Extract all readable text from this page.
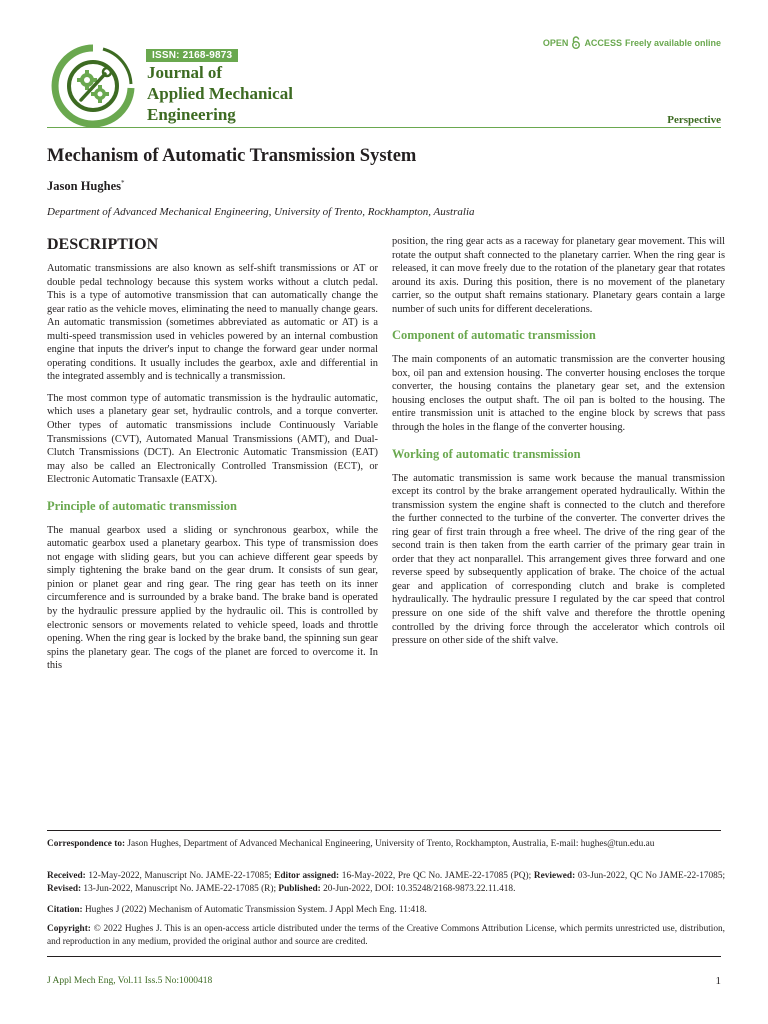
ISSN: 2168-9873
Journal of
Applied Mechanical
Engineering
OPEN ACCESS Freely available online
Perspective
Mechanism of Automatic Transmission System
Jason Hughes*
Department of Advanced Mechanical Engineering, University of Trento, Rockhampton, Australia
DESCRIPTION

Automatic transmissions are also known as self-shift transmissions or AT or double pedal technology because this system works without a clutch pedal. This is a type of automotive transmission that can automatically change the gear ratio as the vehicle moves, eliminating the need to manually change gears. An automatic transmission (sometimes abbreviated as automatic or AT) is a multi-speed transmission used in vehicles powered by an internal combustion engine that inputs the driver's input to change the forward gear under normal operating conditions. It usually includes the gearbox, axle and differential in the integrated assembly and is technically a transmission.

The most common type of automatic transmission is the hydraulic automatic, which uses a planetary gear set, hydraulic controls, and a torque converter. Other types of automatic transmissions include Continuously Variable Transmissions (CVT), Automated Manual Transmissions (AMT), and Dual-Clutch Transmissions (DCT). An Electronic Automatic Transmission (EAT) may also be called an Electronically Controlled Transmission (ECT), or Electronic Automatic Transaxle (EATX).

Principle of automatic transmission

The manual gearbox used a sliding or synchronous gearbox, while the automatic gearbox used a planetary gearbox. This type of transmission does not engage with sliding gears, but you can achieve different gear speeds by simply tightening the brake band on the gear drum. It consists of sun gear, pinion or planet gear and ring gear. The ring gear has teeth on its inner circumference and is surrounded by a brake band. The brake band is operated by the hydraulic pressure applied by the hydraulic oil. This is controlled by electronic sensors or movements related to vehicle speed, loads and throttle opening. When the ring gear is locked by the brake band, the spinning sun gear spins the planetary gear. The cogs of the planet are forced to overcome it. In this

position, the ring gear acts as a raceway for planetary gear movement. This will rotate the output shaft connected to the planetary carrier. When the ring gear is released, it can move freely due to the rotation of the planetary gear that rotates around its axis. During this position, there is no movement of the planetary carrier, so the output shaft remains stationary. Planetary gears contain a large number of such units for different decelerations.

Component of automatic transmission

The main components of an automatic transmission are the converter housing box, oil pan and extension housing. The converter housing encloses the torque converter, the housing contains the planetary gear set, and the extension housing encloses the output shaft. The oil pan is bolted to the housing. The entire transmission unit is attached to the engine block by screws that pass through the holes in the flange of the converter housing.

Working of automatic transmission

The automatic transmission is same work because the manual transmission except its control by the brake arrangement operated hydraulically. Within the transmission system the engine shaft is connected to the clutch and therefore the further connected to the turbine of the converter. The converter drives the ring gear of first train through a free wheel. The drive of the ring gear of the second train is then taken from the earth carrier of the primary gear train in order that they act nonparallel. This arrangement gives three forward and one reverse speed by subsequently application of brake. The choice of the actual gear and application of corresponding clutch and brake is completed hydraulically. The hydraulic pressure I regulated by the car speed that control pressure on one side of the shift valve and therefore the throttle opening controlled by the driving force through the accelerator which controls oil pressure on other side of the shift valve.

Correspondence to: Jason Hughes, Department of Advanced Mechanical Engineering, University of Trento, Rockhampton, Australia, E-mail: hughes@tun.edu.au
Received: 12-May-2022, Manuscript No. JAME-22-17085; Editor assigned: 16-May-2022, Pre QC No. JAME-22-17085 (PQ); Reviewed: 03-Jun-2022, QC No JAME-22-17085; Revised: 13-Jun-2022, Manuscript No. JAME-22-17085 (R); Published: 20-Jun-2022, DOI: 10.35248/2168-9873.22.11.418.
Citation: Hughes J (2022) Mechanism of Automatic Transmission System. J Appl Mech Eng. 11:418.
Copyright: © 2022 Hughes J. This is an open-access article distributed under the terms of the Creative Commons Attribution License, which permits unrestricted use, distribution, and reproduction in any medium, provided the original author and source are credited.
J Appl Mech Eng, Vol.11 Iss.5 No:1000418	1
